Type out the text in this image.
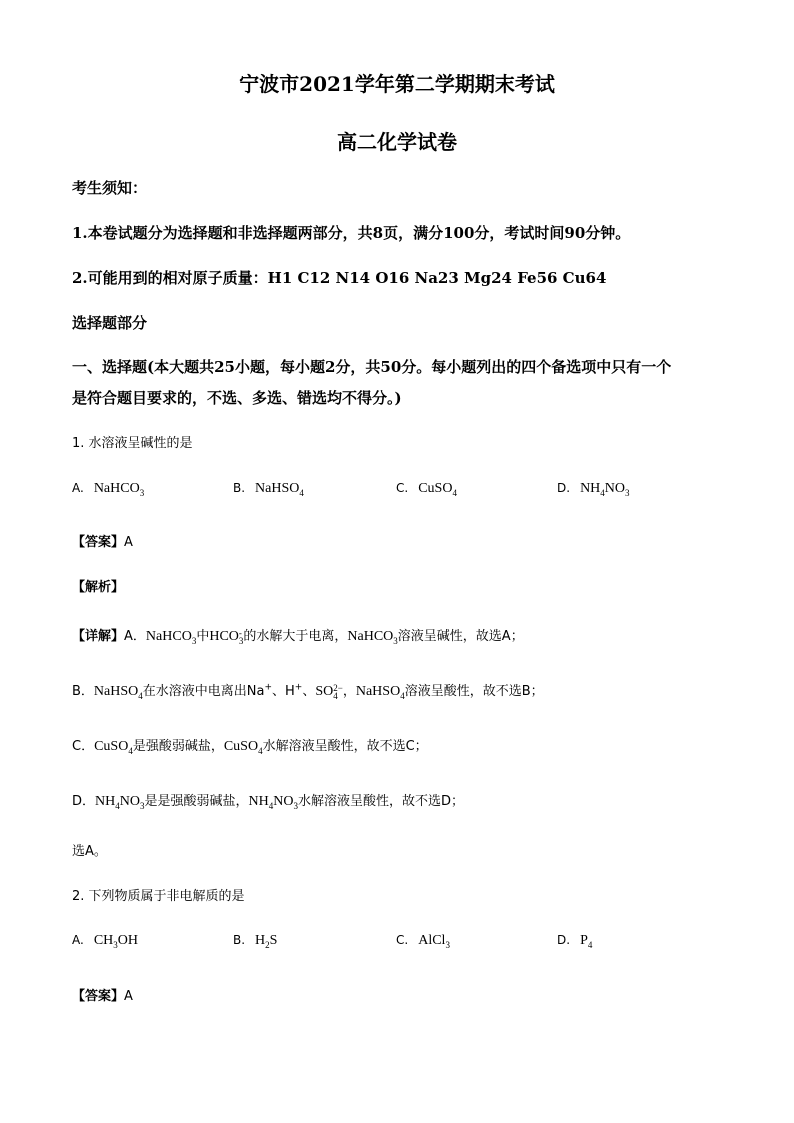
宁波市2021学年第二学期期末考试
高二化学试卷
考生须知：
1.本卷试题分为选择题和非选择题两部分，共8页，满分100分，考试时间90分钟。
2.可能用到的相对原子质量：H1 C12 N14 O16 Na23 Mg24 Fe56 Cu64
选择题部分
一、选择题(本大题共25小题，每小题2分，共50分。每小题列出的四个备选项中只有一个
是符合题目要求的，不选、多选、错选均不得分。)
1. 水溶液呈碱性的是
A. NaHCO$_3$	B. NaHSO$_4$	C. CuSO$_4$	D. $NH_4NO_3$
【答案】A
【解析】
【详解】A．NaHCO$_3$中HCO -
3 的水解大于电离，NaHCO$_3$溶液呈碱性，故选A；
B．NaHSO$_4$在水溶液中电离出Na+、H+、SO 2−
4 ，NaHSO$_4$溶液呈酸性，故不选B；
C．CuSO$_4$是强酸弱碱盐，CuSO$_4$水解溶液呈酸性，故不选C；
D．$NH_4NO_3$是是强酸弱碱盐，$NH_4NO_3$水解溶液呈酸性，故不选D；
选A。
2. 下列物质属于非电解质的是
A. $CH_3OH$	B. $H_2S$	C. AlCl$_3$	D. $P_4$
【答案】A
